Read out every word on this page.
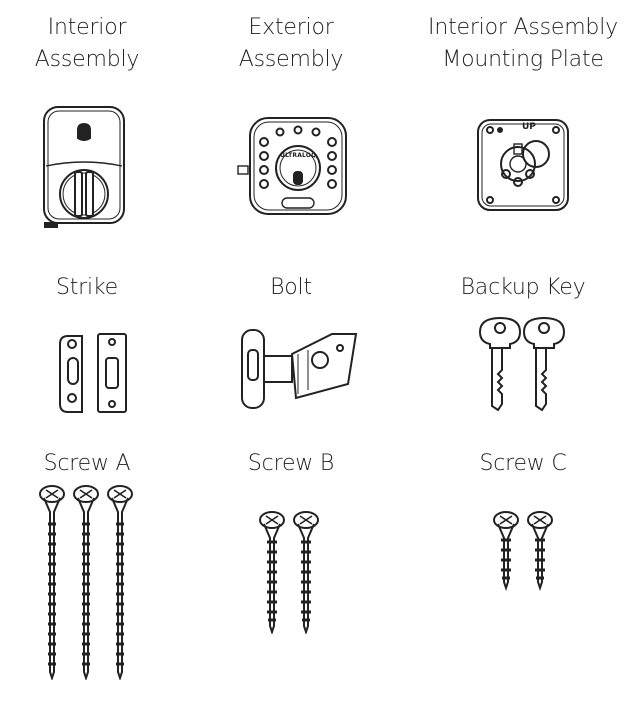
Interior
Assembly
Exterior
Assembly
Interior Assembly
Mounting Plate
ULTRALOQ
UP
Strike	Bolt	Backup Key
Screw A	Screw B	Screw C
